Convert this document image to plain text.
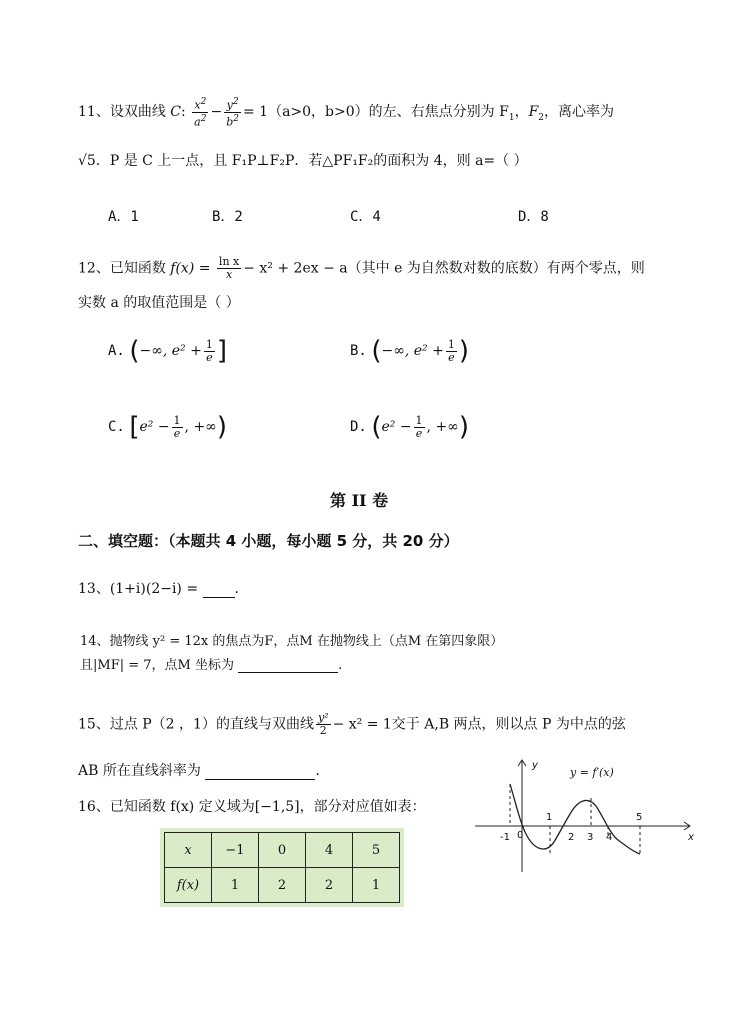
11、设双曲线 C: $\frac{x^2}{a^2} - \frac{y^2}{b^2} = 1(a>0$，b>0）的左、右焦点分别为 $F_1$，$F_2$，离心率为
√5．P 是 C 上一点，且 F₁P⊥F₂P．若△PF₁F₂的面积为 4，则 a=（ ）
A．1	B．2	C．4	D．8
12、已知函数 $f(x) = \frac{\text{ln x}}{x} - x^2 + 2ex - a$（其中 e 为自然数对数的底数）有两个零点，则
实数 a 的取值范围是（ ）
A. (−∞, $e^2 + \frac{1}{e}$ ]	B. (−∞, $e^2 + \frac{1}{e}$ )
C. [$e^2 - \frac{1}{e}$ , +∞)	D. ($e^2 - \frac{1}{e}$ , +∞)
第 II 卷
二、填空题：（本题共 4 小题，每小题 5 分，共 20 分）
13、(1+i)(2−i) =	.
14、抛物线 y² = 12x 的焦点为F，点M 在抛物线上（点M 在第四象限）
且|MF| = 7，点M 坐标为	.
15、过点 P（2 ，1）的直线与双曲线 $\frac{\text{y²}}{2} - x^2 = 1$交于 A,B 两点，则以点 P 为中点的弦
AB 所在直线斜率为	.
16、已知函数 f(x) 定义域为[−1,5]，部分对应值如表：
x	−1	0	4	5
f(x)	1	2	2	1
y
x
y = f′(x)
-1 0
1
2 3 4
5
